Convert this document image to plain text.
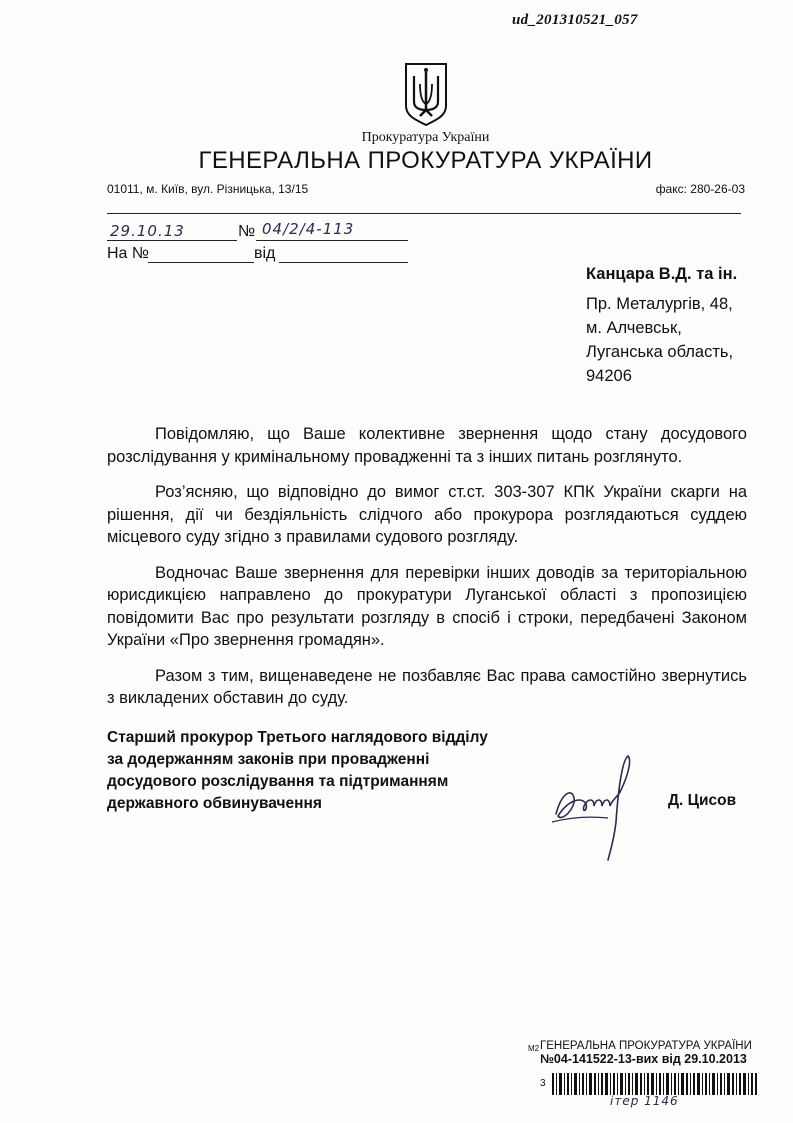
ud_201310521_057
Прокуратура України
ГЕНЕРАЛЬНА ПРОКУРАТУРА УКРАЇНИ
01011, м. Київ, вул. Різницька, 13/15	факс: 280-26-03
29.10.13	№ 04/2/4-113
На №	від
Канцара В.Д. та ін.
Пр. Металургів, 48,
м. Алчевськ,
Луганська область,
94206

Повідомляю, що Ваше колективне звернення щодо стану досудового розслідування у кримінальному провадженні та з інших питань розглянуто.

Роз’ясняю, що відповідно до вимог ст.ст. 303-307 КПК України скарги на рішення, дії чи бездіяльність слідчого або прокурора розглядаються суддею місцевого суду згідно з правилами судового розгляду.

Водночас Ваше звернення для перевірки інших доводів за територіальною юрисдикцією направлено до прокуратури Луганської області з пропозицією повідомити Вас про результати розгляду в спосіб і строки, передбачені Законом України «Про звернення громадян».

Разом з тим, вищенаведене не позбавляє Вас права самостійно звернутись з викладених обставин до суду.

Старший прокурор Третього наглядового відділу
за додержанням законів при провадженні
досудового розслідування та підтриманням
державного обвинувачення	Д. Цисов
M2 ГЕНЕРАЛЬНА ПРОКУРАТУРА УКРАЇНИ
№04-141522-13-вих від 29.10.2013
3
ітер 1146
